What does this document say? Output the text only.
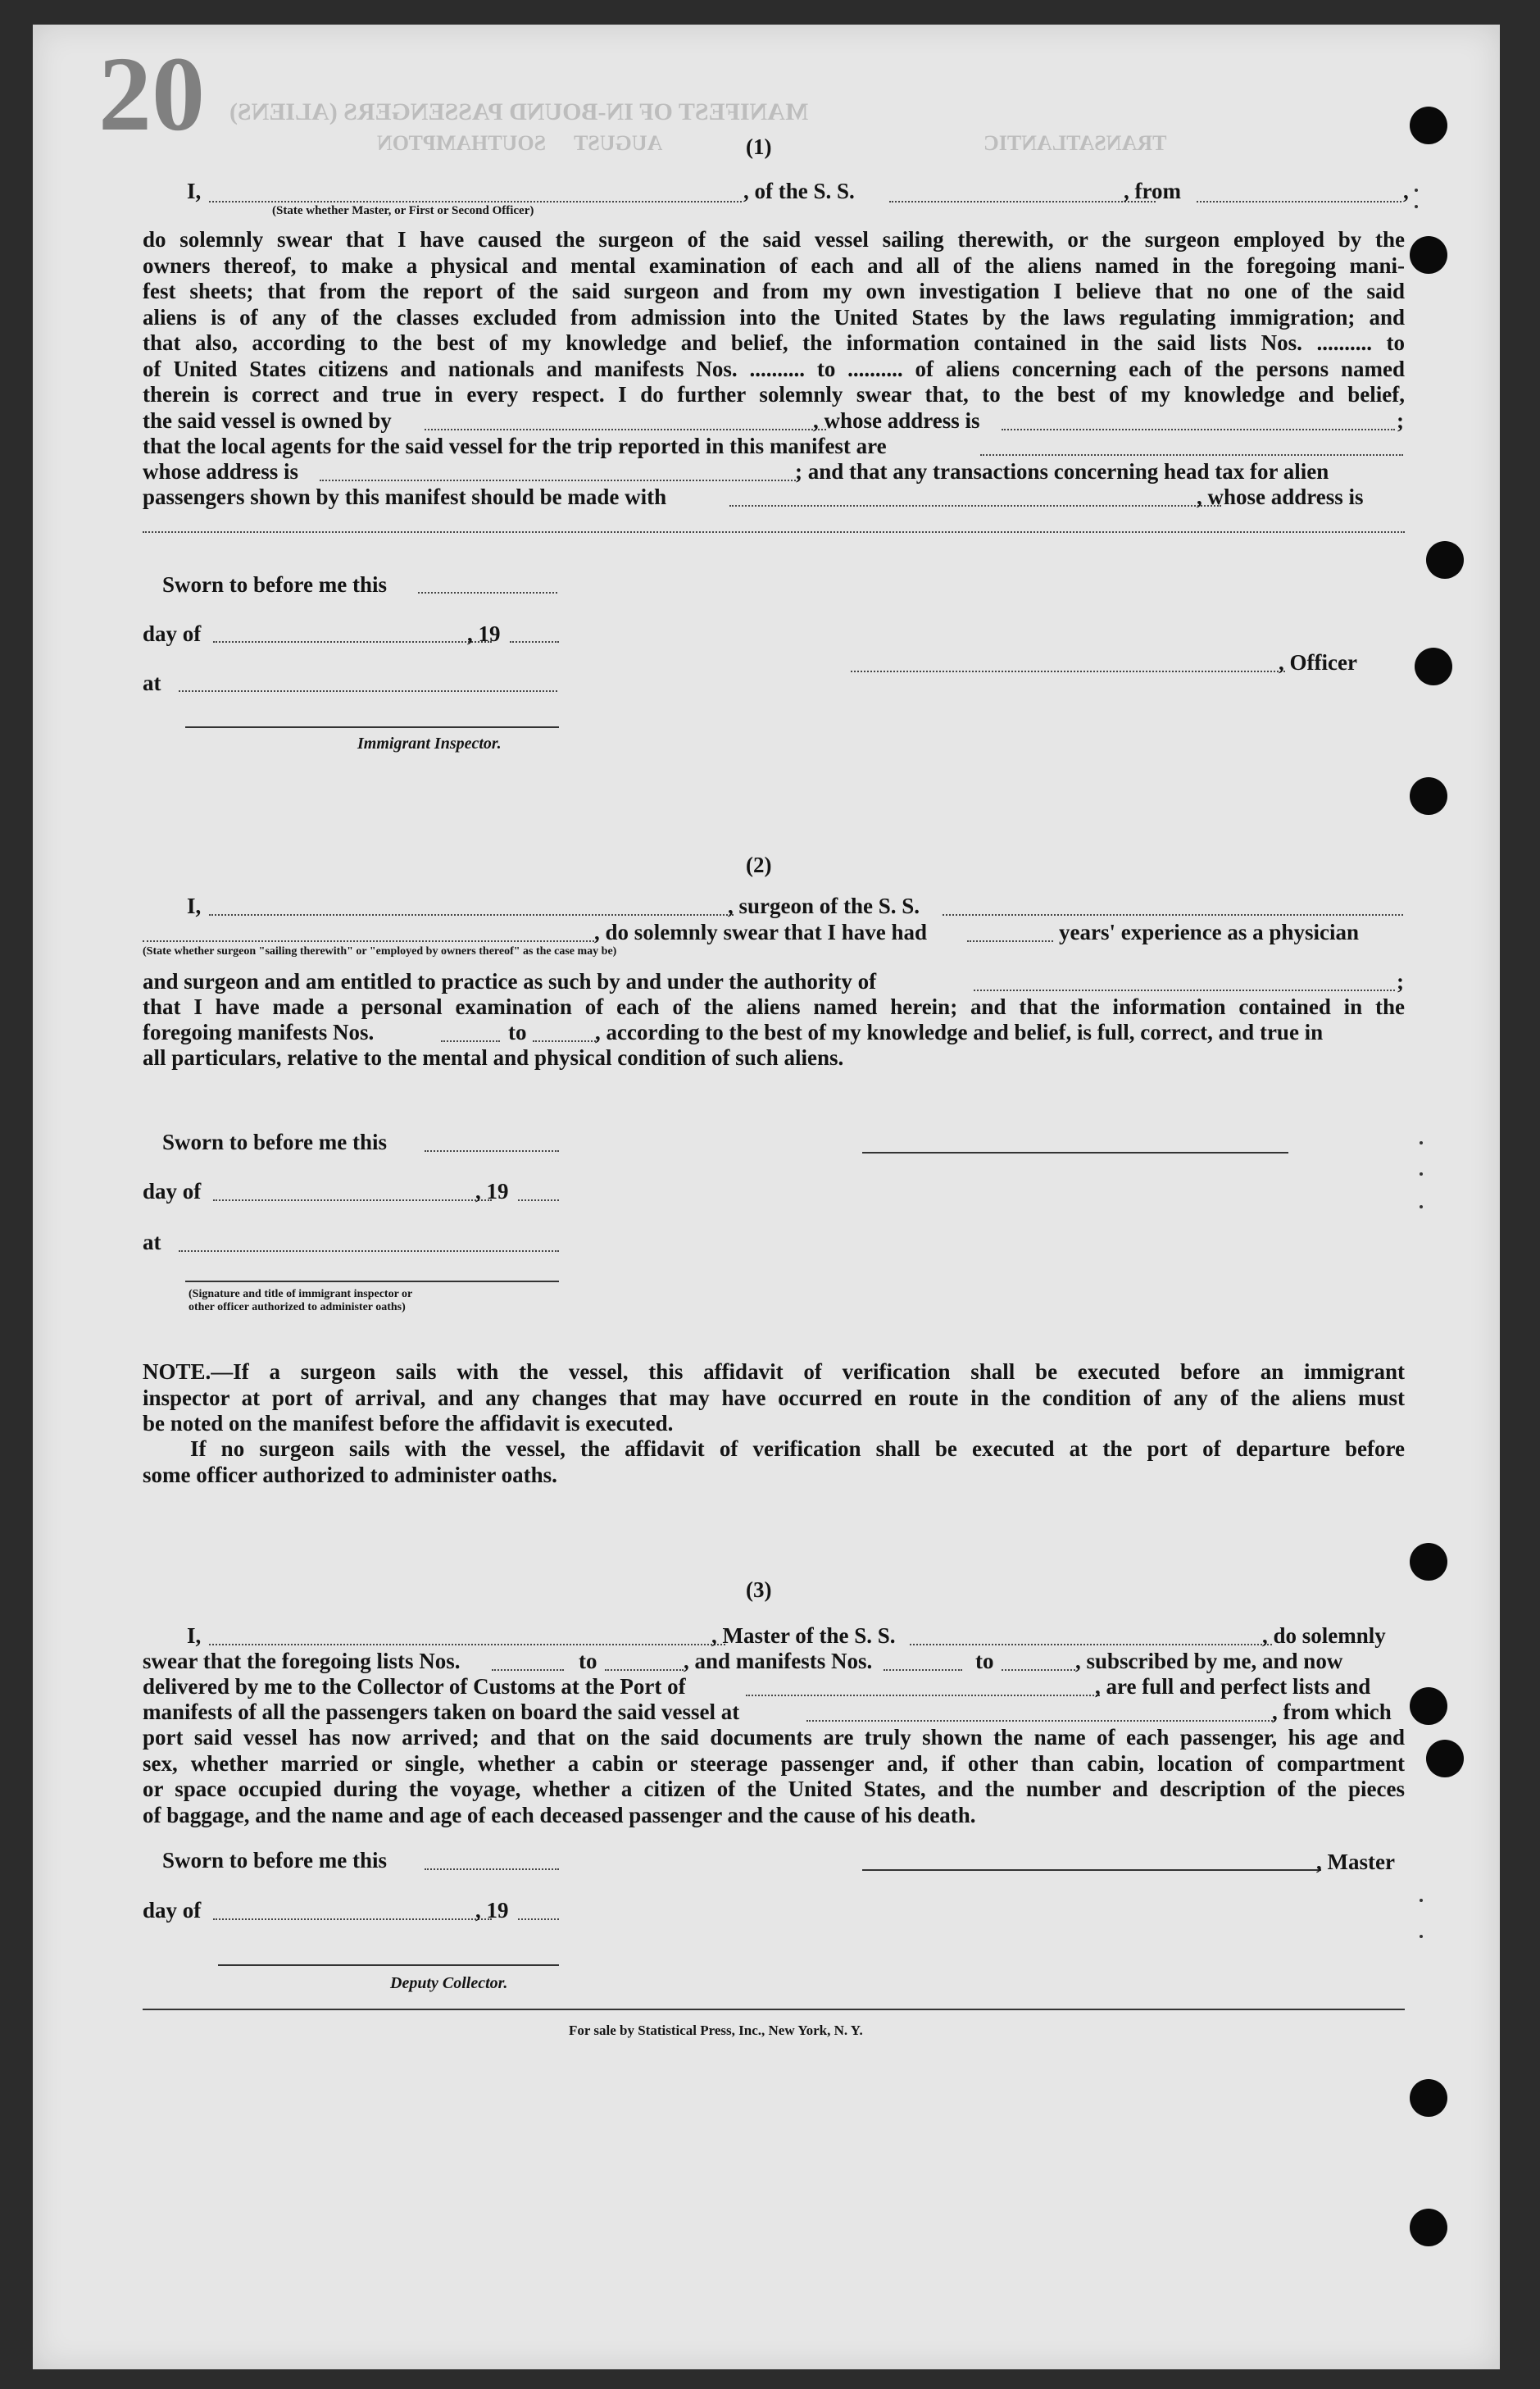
20 MANIFEST OF IN-BOUND PASSENGERS (ALIENS)
SOUTHAMPTON AUGUST	TRANSATLANTIC
(1)
I,	, of the S. S.	, from	,
(State whether Master, or First or Second Officer)
do solemnly swear that I have caused the surgeon of the said vessel sailing therewith, or the surgeon employed by the
owners thereof, to make a physical and mental examination of each and all of the aliens named in the foregoing mani-
fest sheets; that from the report of the said surgeon and from my own investigation I believe that no one of the said
aliens is of any of the classes excluded from admission into the United States by the laws regulating immigration; and
that also, according to the best of my knowledge and belief, the information contained in the said lists Nos. .......... to
of United States citizens and nationals and manifests Nos. .......... to .......... of aliens concerning each of the persons named
therein is correct and true in every respect. I do further solemnly swear that, to the best of my knowledge and belief,
the said vessel is owned by	, whose address is	;
that the local agents for the said vessel for the trip reported in this manifest are
whose address is	; and that any transactions concerning head tax for alien
passengers shown by this manifest should be made with	, whose address is
Sworn to before me this
day of	, 19
at
Immigrant Inspector.
, Officer
(2)
I,	, surgeon of the S. S.
, do solemnly swear that I have had	years' experience as a physician
(State whether surgeon "sailing therewith" or "employed by owners thereof" as the case may be)
and surgeon and am entitled to practice as such by and under the authority of	;
that I have made a personal examination of each of the aliens named herein; and that the information contained in the
foregoing manifests Nos.	to	, according to the best of my knowledge and belief, is full, correct, and true in
all particulars, relative to the mental and physical condition of such aliens.
Sworn to before me this
day of	, 19
at
(Signature and title of immigrant inspector or
other officer authorized to administer oaths)
NOTE.—If a surgeon sails with the vessel, this affidavit of verification shall be executed before an immigrant
inspector at port of arrival, and any changes that may have occurred en route in the condition of any of the aliens must
be noted on the manifest before the affidavit is executed.
If no surgeon sails with the vessel, the affidavit of verification shall be executed at the port of departure before
some officer authorized to administer oaths.
(3)
I,	, Master of the S. S.	, do solemnly
swear that the foregoing lists Nos.	to	, and manifests Nos.	to	, subscribed by me, and now
delivered by me to the Collector of Customs at the Port of	, are full and perfect lists and
manifests of all the passengers taken on board the said vessel at	, from which
port said vessel has now arrived; and that on the said documents are truly shown the name of each passenger, his age and
sex, whether married or single, whether a cabin or steerage passenger and, if other than cabin, location of compartment
or space occupied during the voyage, whether a citizen of the United States, and the number and description of the pieces
of baggage, and the name and age of each deceased passenger and the cause of his death.
Sworn to before me this	, Master
day of	, 19
Deputy Collector.
For sale by Statistical Press, Inc., New York, N. Y.
